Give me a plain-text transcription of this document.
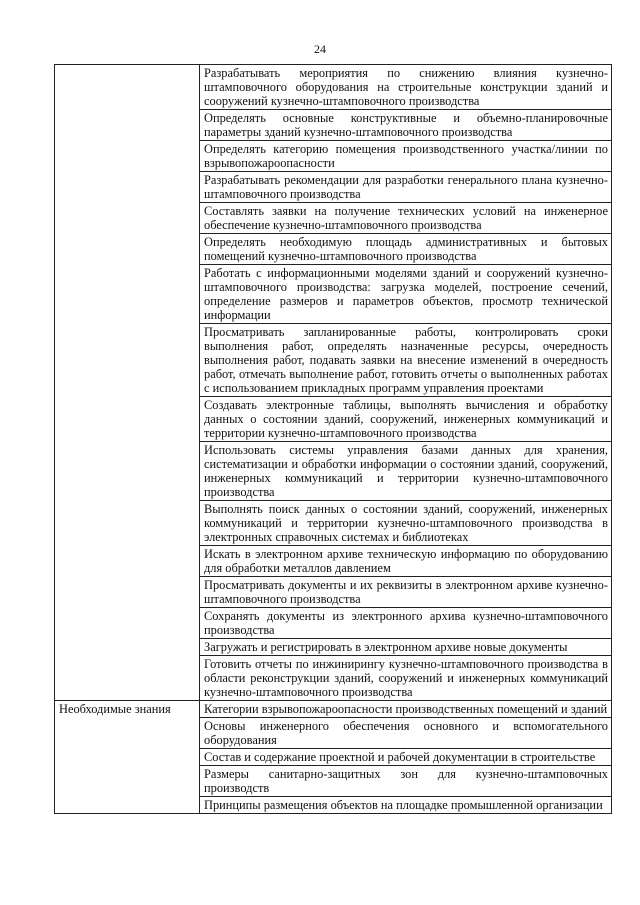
24
	Разрабатывать мероприятия по снижению влияния кузнечно-штамповочного оборудования на строительные конструкции зданий и сооружений кузнечно-штамповочного производства
	Определять основные конструктивные и объемно-планировочные параметры зданий кузнечно-штамповочного производства
	Определять категорию помещения производственного участка/линии по взрывопожароопасности
	Разрабатывать рекомендации для разработки генерального плана кузнечно-штамповочного производства
	Составлять заявки на получение технических условий на инженерное обеспечение кузнечно-штамповочного производства
	Определять необходимую площадь административных и бытовых помещений кузнечно-штамповочного производства
	Работать с информационными моделями зданий и сооружений кузнечно-штамповочного производства: загрузка моделей, построение сечений, определение размеров и параметров объектов, просмотр технической информации
	Просматривать запланированные работы, контролировать сроки выполнения работ, определять назначенные ресурсы, очередность выполнения работ, подавать заявки на внесение изменений в очередность работ, отмечать выполнение работ, готовить отчеты о выполненных работах с использованием прикладных программ управления проектами
	Создавать электронные таблицы, выполнять вычисления и обработку данных о состоянии зданий, сооружений, инженерных коммуникаций и территории кузнечно-штамповочного производства
	Использовать системы управления базами данных для хранения, систематизации и обработки информации о состоянии зданий, сооружений, инженерных коммуникаций и территории кузнечно-штамповочного производства
	Выполнять поиск данных о состоянии зданий, сооружений, инженерных коммуникаций и территории кузнечно-штамповочного производства в электронных справочных системах и библиотеках
	Искать в электронном архиве техническую информацию по оборудованию для обработки металлов давлением
	Просматривать документы и их реквизиты в электронном архиве кузнечно-штамповочного производства
	Сохранять документы из электронного архива кузнечно-штамповочного производства
	Загружать и регистрировать в электронном архиве новые документы
	Готовить отчеты по инжинирингу кузнечно-штамповочного производства в области реконструкции зданий, сооружений и инженерных коммуникаций кузнечно-штамповочного производства
Необходимые знания	Категории взрывопожароопасности производственных помещений и зданий
	Основы инженерного обеспечения основного и вспомогательного оборудования
	Состав и содержание проектной и рабочей документации в строительстве
	Размеры санитарно-защитных зон для кузнечно-штамповочных производств
	Принципы размещения объектов на площадке промышленной организации
